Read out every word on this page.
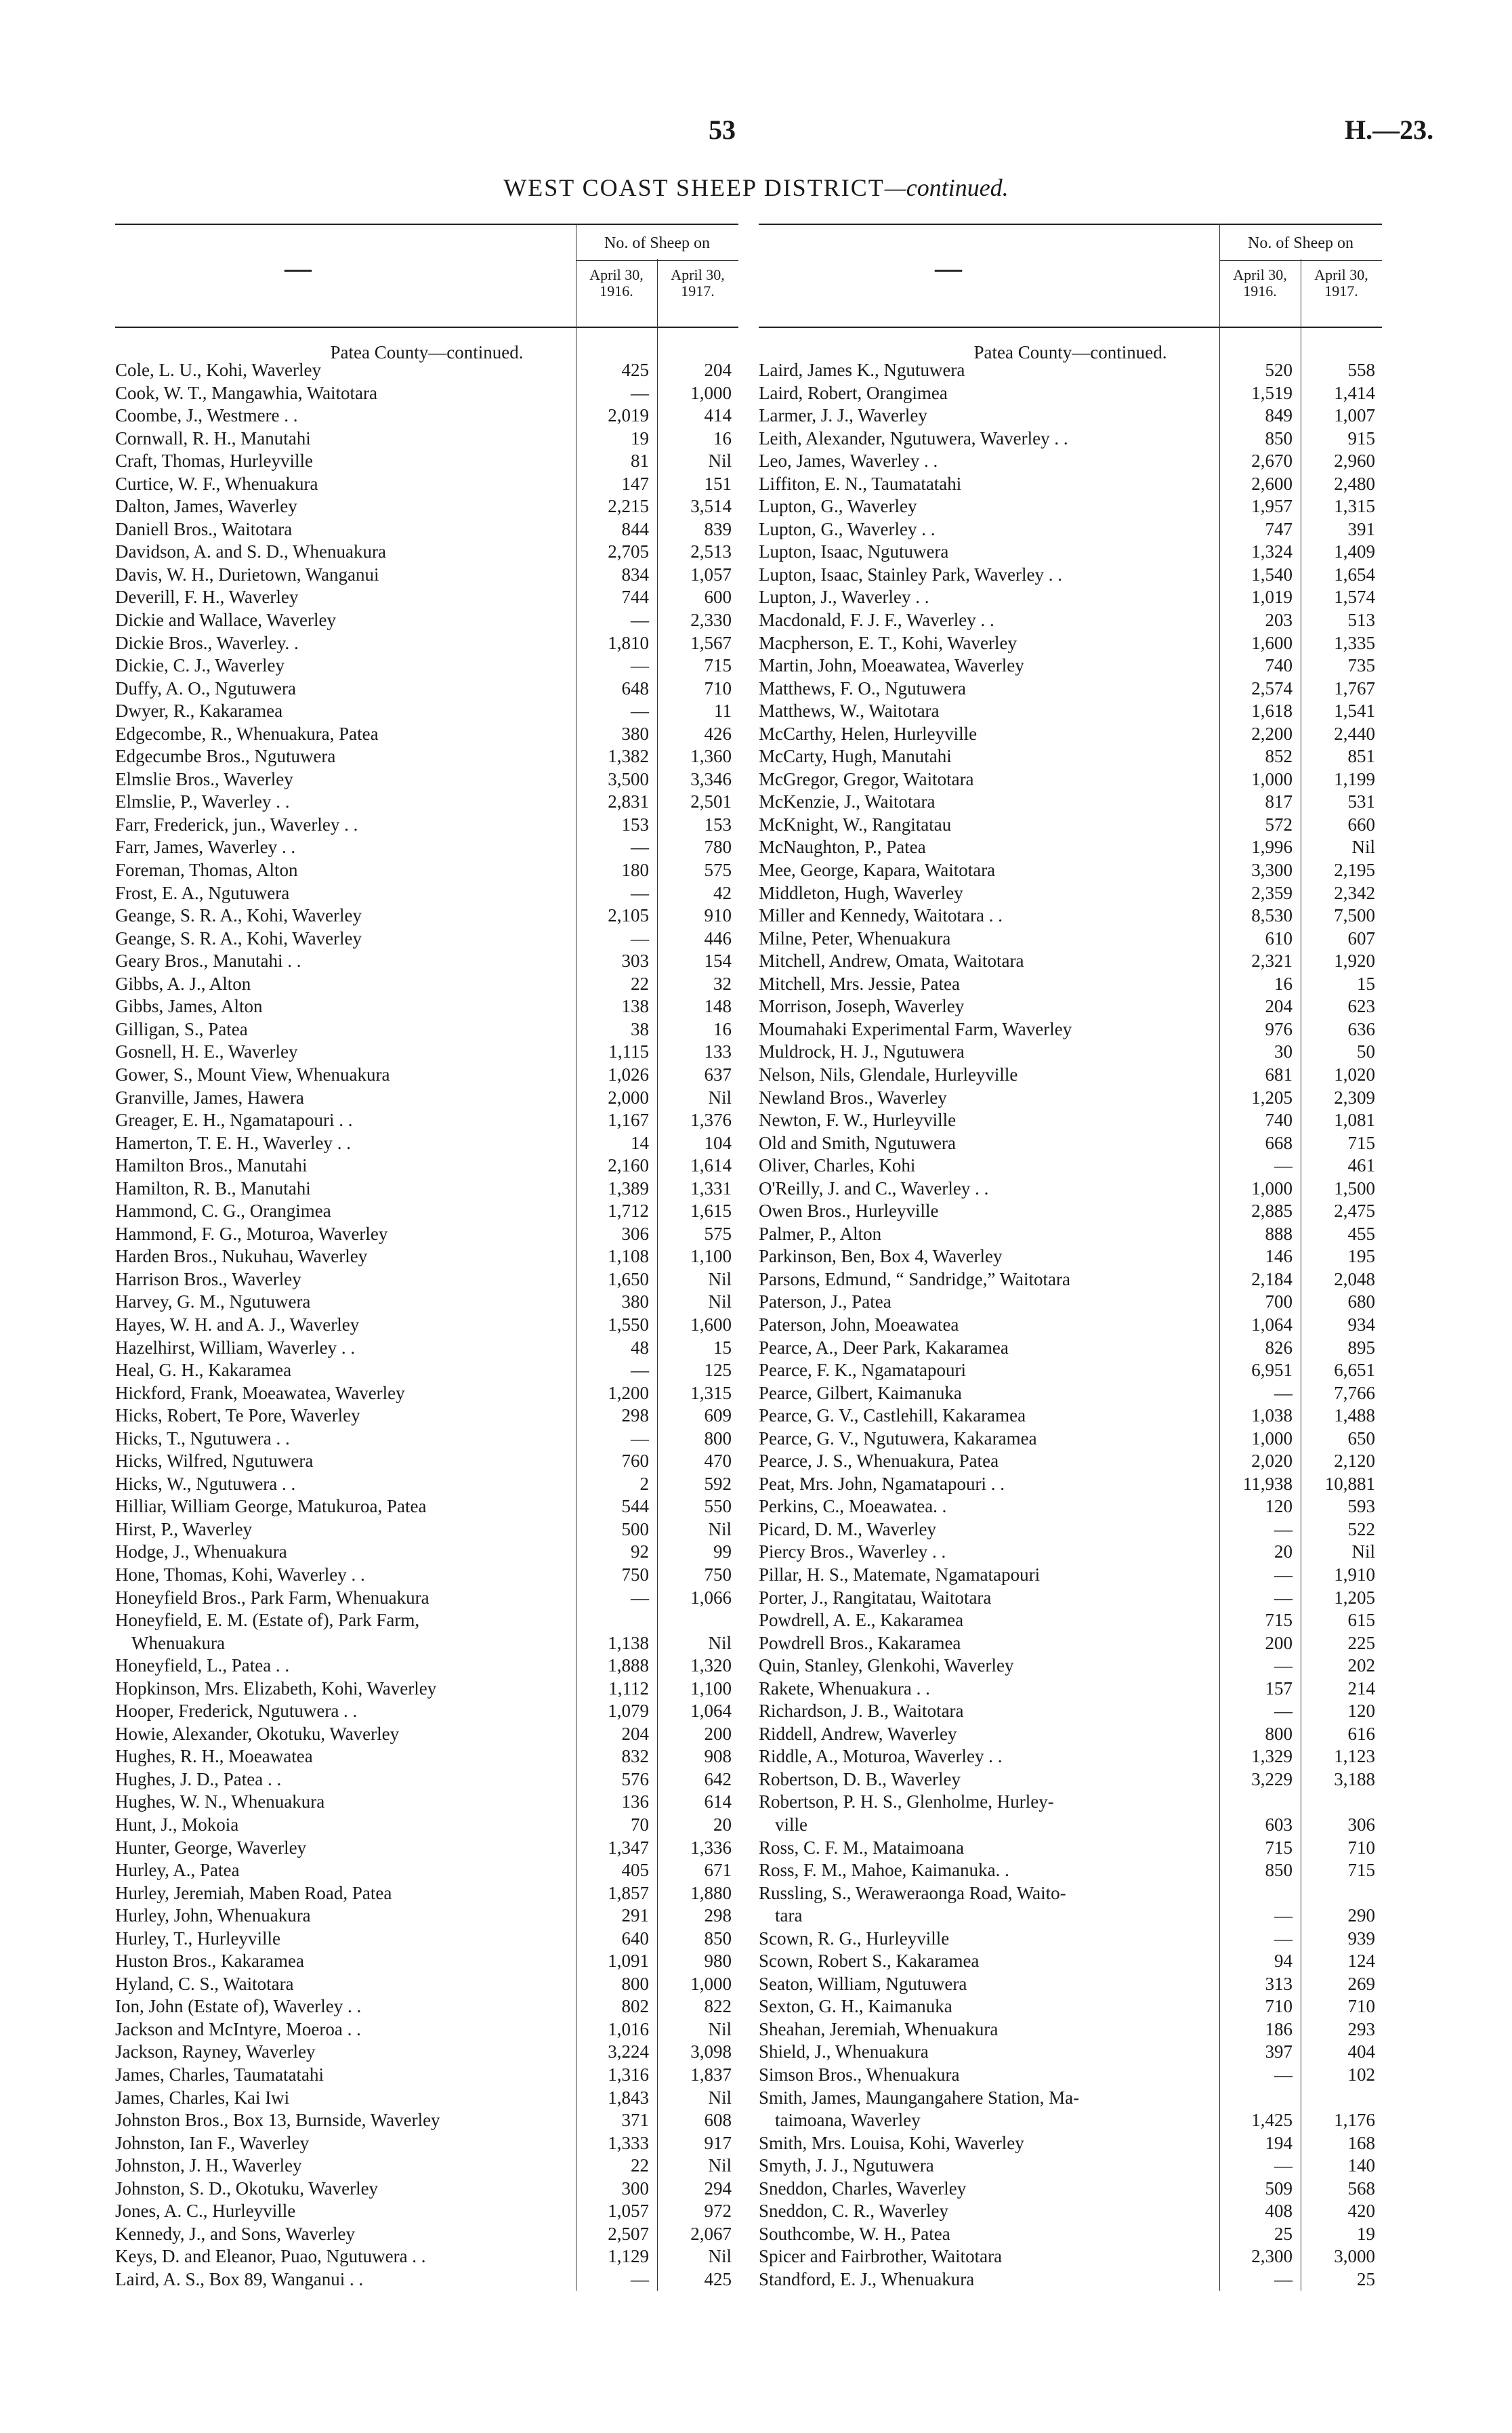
53	H.—23.
WEST COAST SHEEP DISTRICT—continued.
—
No. of Sheep on
April 30,
1916.
April 30,
1917.
Patea County—continued.
Cole, L. U., Kohi, Waverley	425	204
Cook, W. T., Mangawhia, Waitotara	—	1,000
Coombe, J., Westmere . .	2,019	414
Cornwall, R. H., Manutahi	19	16
Craft, Thomas, Hurleyville	81	Nil
Curtice, W. F., Whenuakura	147	151
Dalton, James, Waverley	2,215	3,514
Daniell Bros., Waitotara	844	839
Davidson, A. and S. D., Whenuakura	2,705	2,513
Davis, W. H., Durietown, Wanganui	834	1,057
Deverill, F. H., Waverley	744	600
Dickie and Wallace, Waverley	—	2,330
Dickie Bros., Waverley. .	1,810	1,567
Dickie, C. J., Waverley	—	715
Duffy, A. O., Ngutuwera	648	710
Dwyer, R., Kakaramea	—	11
Edgecombe, R., Whenuakura, Patea	380	426
Edgecumbe Bros., Ngutuwera	1,382	1,360
Elmslie Bros., Waverley	3,500	3,346
Elmslie, P., Waverley . .	2,831	2,501
Farr, Frederick, jun., Waverley . .	153	153
Farr, James, Waverley . .	—	780
Foreman, Thomas, Alton	180	575
Frost, E. A., Ngutuwera	—	42
Geange, S. R. A., Kohi, Waverley	2,105	910
Geange, S. R. A., Kohi, Waverley	—	446
Geary Bros., Manutahi . .	303	154
Gibbs, A. J., Alton	22	32
Gibbs, James, Alton	138	148
Gilligan, S., Patea	38	16
Gosnell, H. E., Waverley	1,115	133
Gower, S., Mount View, Whenuakura	1,026	637
Granville, James, Hawera	2,000	Nil
Greager, E. H., Ngamatapouri . .	1,167	1,376
Hamerton, T. E. H., Waverley . .	14	104
Hamilton Bros., Manutahi	2,160	1,614
Hamilton, R. B., Manutahi	1,389	1,331
Hammond, C. G., Orangimea	1,712	1,615
Hammond, F. G., Moturoa, Waverley	306	575
Harden Bros., Nukuhau, Waverley	1,108	1,100
Harrison Bros., Waverley	1,650	Nil
Harvey, G. M., Ngutuwera	380	Nil
Hayes, W. H. and A. J., Waverley	1,550	1,600
Hazelhirst, William, Waverley . .	48	15
Heal, G. H., Kakaramea	—	125
Hickford, Frank, Moeawatea, Waverley	1,200	1,315
Hicks, Robert, Te Pore, Waverley	298	609
Hicks, T., Ngutuwera . .	—	800
Hicks, Wilfred, Ngutuwera	760	470
Hicks, W., Ngutuwera . .	2	592
Hilliar, William George, Matukuroa, Patea	544	550
Hirst, P., Waverley	500	Nil
Hodge, J., Whenuakura	92	99
Hone, Thomas, Kohi, Waverley . .	750	750
Honeyfield Bros., Park Farm, Whenuakura	—	1,066
Honeyfield, E. M. (Estate of), Park Farm,
Whenuakura	1,138	Nil
Honeyfield, L., Patea . .	1,888	1,320
Hopkinson, Mrs. Elizabeth, Kohi, Waverley	1,112	1,100
Hooper, Frederick, Ngutuwera . .	1,079	1,064
Howie, Alexander, Okotuku, Waverley	204	200
Hughes, R. H., Moeawatea	832	908
Hughes, J. D., Patea . .	576	642
Hughes, W. N., Whenuakura	136	614
Hunt, J., Mokoia	70	20
Hunter, George, Waverley	1,347	1,336
Hurley, A., Patea	405	671
Hurley, Jeremiah, Maben Road, Patea	1,857	1,880
Hurley, John, Whenuakura	291	298
Hurley, T., Hurleyville	640	850
Huston Bros., Kakaramea	1,091	980
Hyland, C. S., Waitotara	800	1,000
Ion, John (Estate of), Waverley . .	802	822
Jackson and McIntyre, Moeroa . .	1,016	Nil
Jackson, Rayney, Waverley	3,224	3,098
James, Charles, Taumatatahi	1,316	1,837
James, Charles, Kai Iwi	1,843	Nil
Johnston Bros., Box 13, Burnside, Waverley	371	608
Johnston, Ian F., Waverley	1,333	917
Johnston, J. H., Waverley	22	Nil
Johnston, S. D., Okotuku, Waverley	300	294
Jones, A. C., Hurleyville	1,057	972
Kennedy, J., and Sons, Waverley	2,507	2,067
Keys, D. and Eleanor, Puao, Ngutuwera . .	1,129	Nil
Laird, A. S., Box 89, Wanganui . .	—	425
—
No. of Sheep on
April 30,
1916.
April 30,
1917.
Patea County—continued.
Laird, James K., Ngutuwera	520	558
Laird, Robert, Orangimea	1,519	1,414
Larmer, J. J., Waverley	849	1,007
Leith, Alexander, Ngutuwera, Waverley . .	850	915
Leo, James, Waverley . .	2,670	2,960
Liffiton, E. N., Taumatatahi	2,600	2,480
Lupton, G., Waverley	1,957	1,315
Lupton, G., Waverley . .	747	391
Lupton, Isaac, Ngutuwera	1,324	1,409
Lupton, Isaac, Stainley Park, Waverley . .	1,540	1,654
Lupton, J., Waverley . .	1,019	1,574
Macdonald, F. J. F., Waverley . .	203	513
Macpherson, E. T., Kohi, Waverley	1,600	1,335
Martin, John, Moeawatea, Waverley	740	735
Matthews, F. O., Ngutuwera	2,574	1,767
Matthews, W., Waitotara	1,618	1,541
McCarthy, Helen, Hurleyville	2,200	2,440
McCarty, Hugh, Manutahi	852	851
McGregor, Gregor, Waitotara	1,000	1,199
McKenzie, J., Waitotara	817	531
McKnight, W., Rangitatau	572	660
McNaughton, P., Patea	1,996	Nil
Mee, George, Kapara, Waitotara	3,300	2,195
Middleton, Hugh, Waverley	2,359	2,342
Miller and Kennedy, Waitotara . .	8,530	7,500
Milne, Peter, Whenuakura	610	607
Mitchell, Andrew, Omata, Waitotara	2,321	1,920
Mitchell, Mrs. Jessie, Patea	16	15
Morrison, Joseph, Waverley	204	623
Moumahaki Experimental Farm, Waverley	976	636
Muldrock, H. J., Ngutuwera	30	50
Nelson, Nils, Glendale, Hurleyville	681	1,020
Newland Bros., Waverley	1,205	2,309
Newton, F. W., Hurleyville	740	1,081
Old and Smith, Ngutuwera	668	715
Oliver, Charles, Kohi	—	461
O'Reilly, J. and C., Waverley . .	1,000	1,500
Owen Bros., Hurleyville	2,885	2,475
Palmer, P., Alton	888	455
Parkinson, Ben, Box 4, Waverley	146	195
Parsons, Edmund, “ Sandridge,” Waitotara	2,184	2,048
Paterson, J., Patea	700	680
Paterson, John, Moeawatea	1,064	934
Pearce, A., Deer Park, Kakaramea	826	895
Pearce, F. K., Ngamatapouri	6,951	6,651
Pearce, Gilbert, Kaimanuka	—	7,766
Pearce, G. V., Castlehill, Kakaramea	1,038	1,488
Pearce, G. V., Ngutuwera, Kakaramea	1,000	650
Pearce, J. S., Whenuakura, Patea	2,020	2,120
Peat, Mrs. John, Ngamatapouri . .	11,938	10,881
Perkins, C., Moeawatea. .	120	593
Picard, D. M., Waverley	—	522
Piercy Bros., Waverley . .	20	Nil
Pillar, H. S., Matemate, Ngamatapouri	—	1,910
Porter, J., Rangitatau, Waitotara	—	1,205
Powdrell, A. E., Kakaramea	715	615
Powdrell Bros., Kakaramea	200	225
Quin, Stanley, Glenkohi, Waverley	—	202
Rakete, Whenuakura . .	157	214
Richardson, J. B., Waitotara	—	120
Riddell, Andrew, Waverley	800	616
Riddle, A., Moturoa, Waverley . .	1,329	1,123
Robertson, D. B., Waverley	3,229	3,188
Robertson, P. H. S., Glenholme, Hurley-
ville	603	306
Ross, C. F. M., Mataimoana	715	710
Ross, F. M., Mahoe, Kaimanuka. .	850	715
Russling, S., Weraweraonga Road, Waito-
tara	—	290
Scown, R. G., Hurleyville	—	939
Scown, Robert S., Kakaramea	94	124
Seaton, William, Ngutuwera	313	269
Sexton, G. H., Kaimanuka	710	710
Sheahan, Jeremiah, Whenuakura	186	293
Shield, J., Whenuakura	397	404
Simson Bros., Whenuakura	—	102
Smith, James, Maungangahere Station, Ma-
taimoana, Waverley	1,425	1,176
Smith, Mrs. Louisa, Kohi, Waverley	194	168
Smyth, J. J., Ngutuwera	—	140
Sneddon, Charles, Waverley	509	568
Sneddon, C. R., Waverley	408	420
Southcombe, W. H., Patea	25	19
Spicer and Fairbrother, Waitotara	2,300	3,000
Standford, E. J., Whenuakura	—	25
